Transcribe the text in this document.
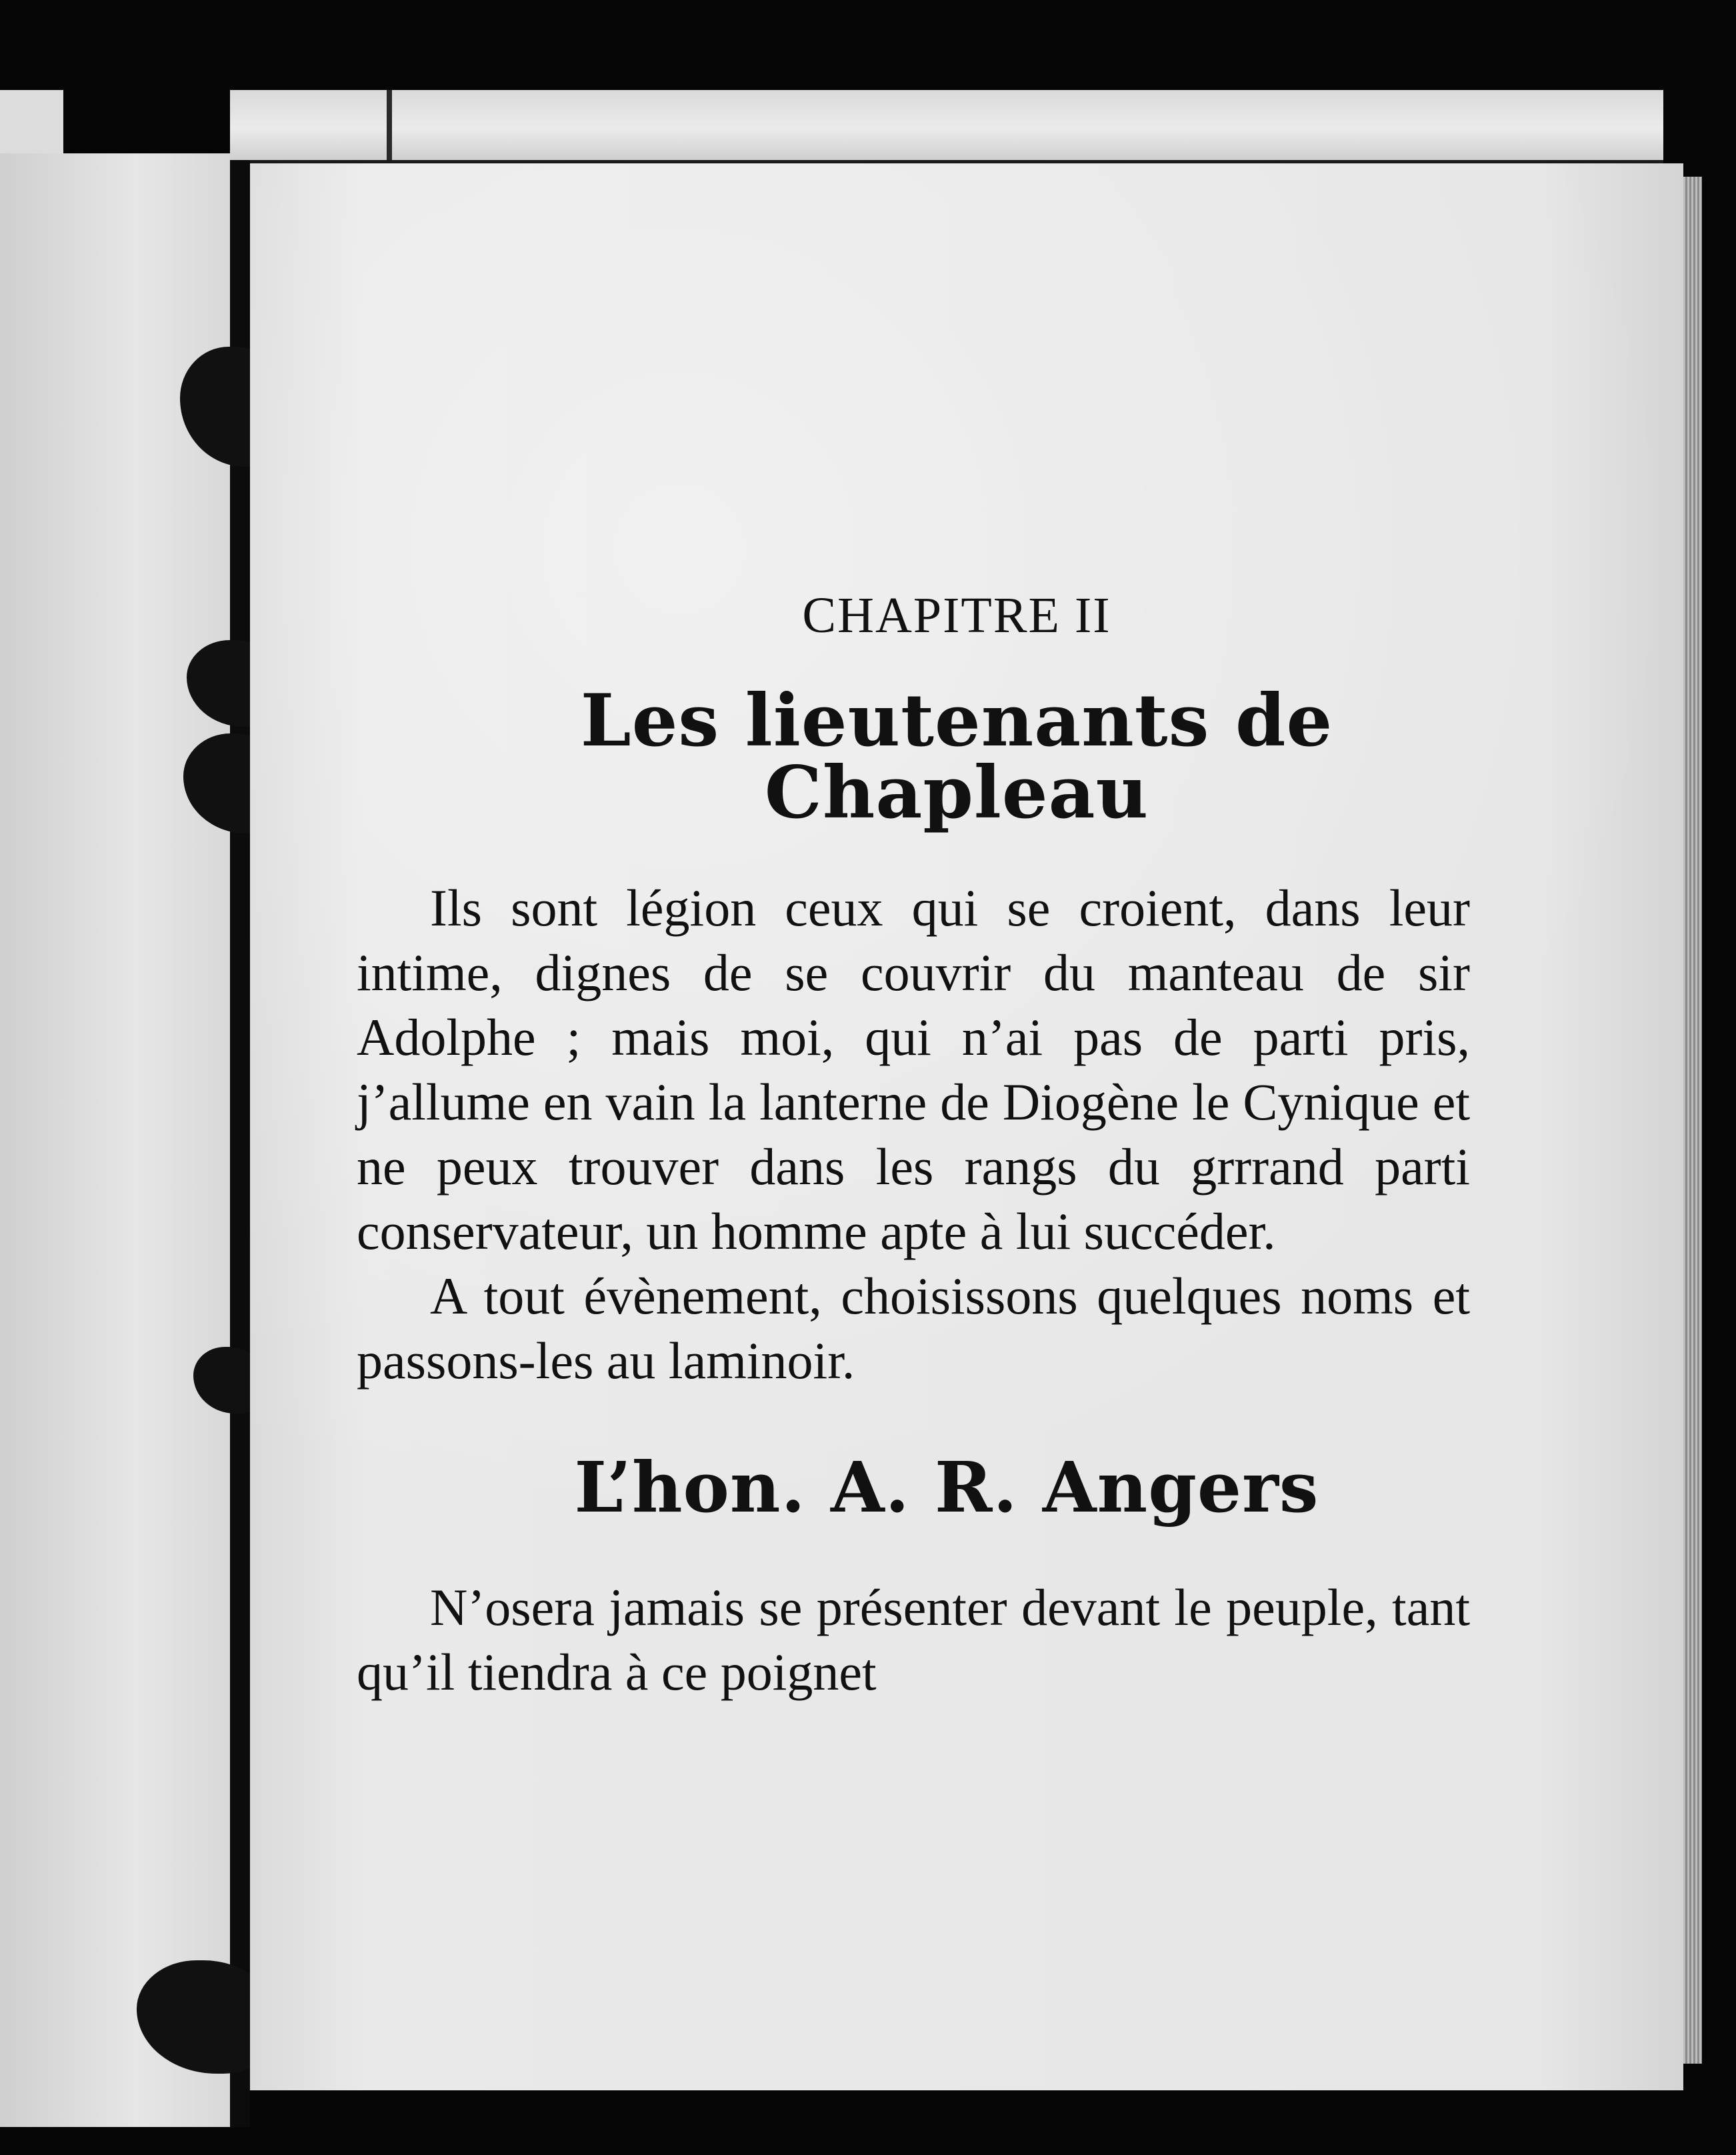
CHAPITRE II
Les lieutenants de
Chapleau

Ils sont légion ceux qui se croient, dans leur intime, dignes de se couvrir du manteau de sir Adolphe ; mais moi, qui n’ai pas de parti pris, j’allume en vain la lanterne de Diogène le Cynique et ne peux trouver dans les rangs du grrrand parti conservateur, un homme apte à lui succéder.

A tout évènement, choisissons quelques noms et passons-les au laminoir.

L’hon. A. R. Angers

N’osera jamais se présenter devant le peuple, tant qu’il tiendra à ce poignet
